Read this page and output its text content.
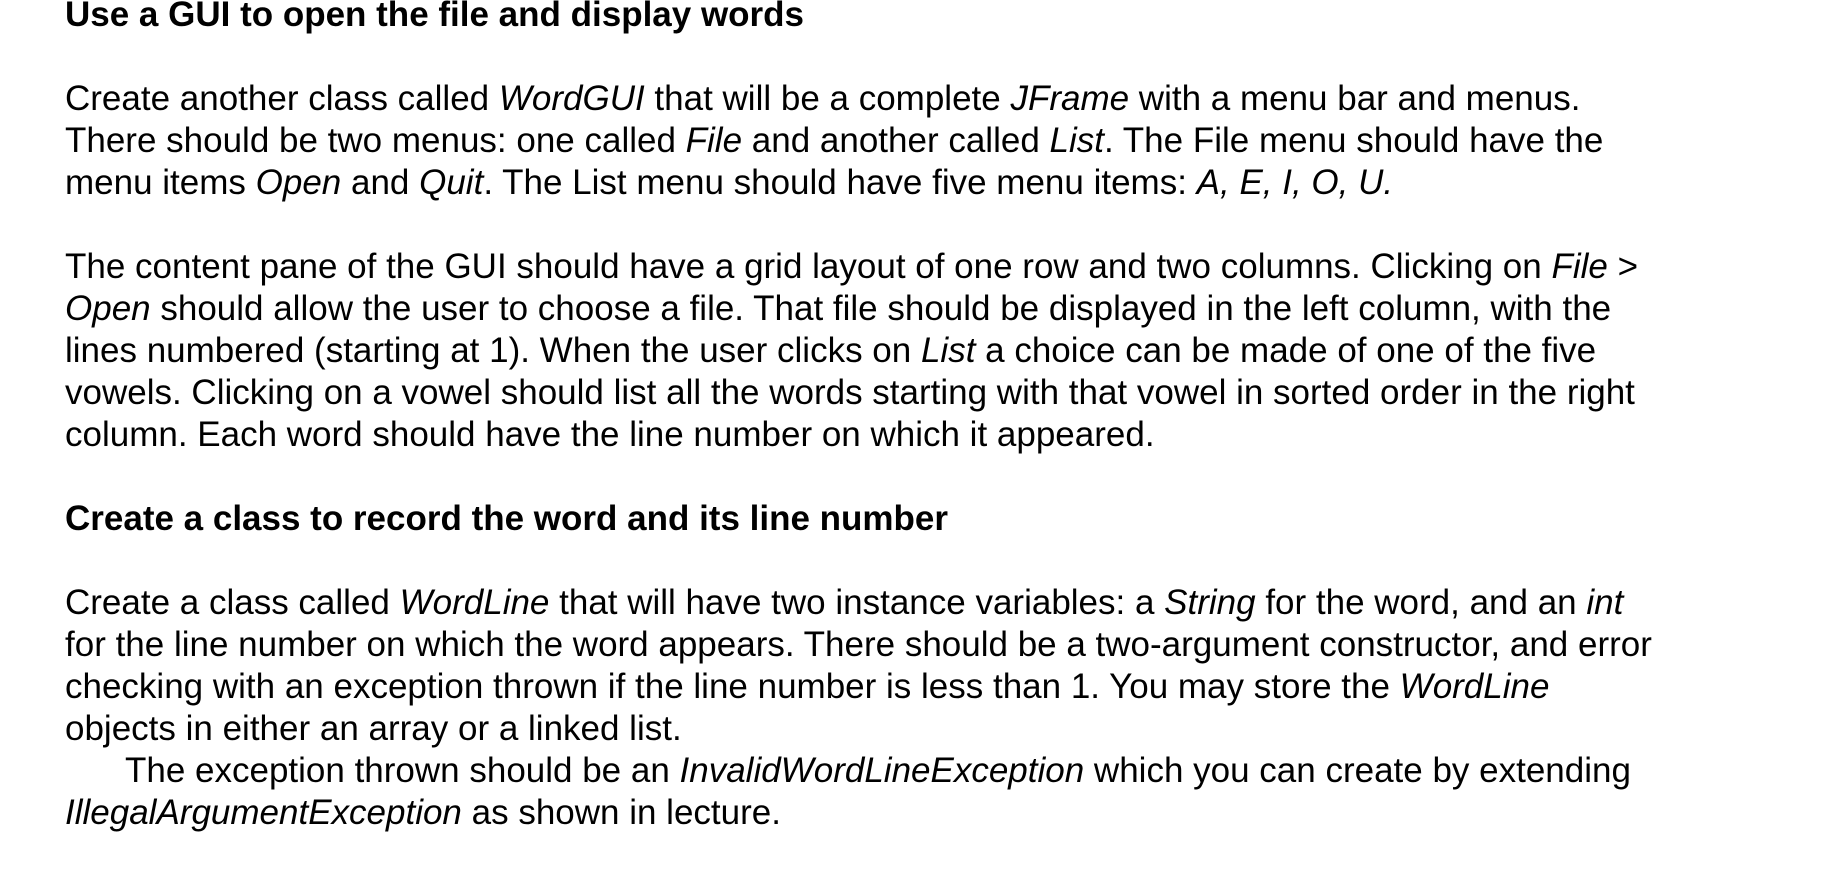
Use a GUI to open the file and display words
Create another class called WordGUI that will be a complete JFrame with a menu bar and menus.
There should be two menus: one called File and another called List. The File menu should have the
menu items Open and Quit. The List menu should have five menu items: A, E, I, O, U.
The content pane of the GUI should have a grid layout of one row and two columns. Clicking on File >
Open should allow the user to choose a file. That file should be displayed in the left column, with the
lines numbered (starting at 1). When the user clicks on List a choice can be made of one of the five
vowels. Clicking on a vowel should list all the words starting with that vowel in sorted order in the right
column. Each word should have the line number on which it appeared.
Create a class to record the word and its line number
Create a class called WordLine that will have two instance variables: a String for the word, and an int
for the line number on which the word appears. There should be a two-argument constructor, and error
checking with an exception thrown if the line number is less than 1. You may store the WordLine
objects in either an array or a linked list.
The exception thrown should be an InvalidWordLineException which you can create by extending
IllegalArgumentException as shown in lecture.
